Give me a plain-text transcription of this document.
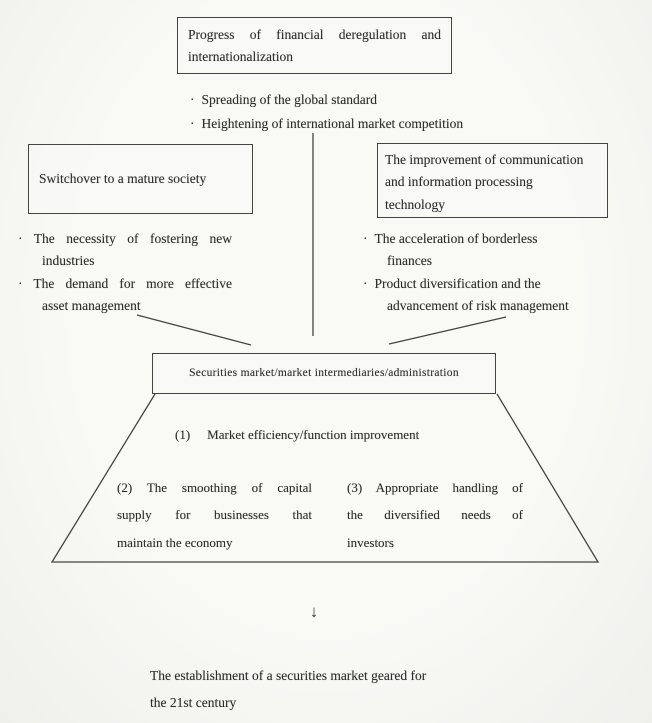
Progress of financial deregulation and
internationalization
· Spreading of the global standard
· Heightening of international market competition
Switchover to a mature society
The improvement of communication
and information processing
technology
· The necessity of fostering new
industries
· The demand for more effective
asset management
· The acceleration of borderless
finances
· Product diversification and the
advancement of risk management
Securities market/market intermediaries/administration
(1) Market efficiency/function improvement
(2) The smoothing of capital
supply for businesses that
maintain the economy
(3) Appropriate handling of
the diversified needs of
investors
↓
The establishment of a securities market geared for
the 21st century
